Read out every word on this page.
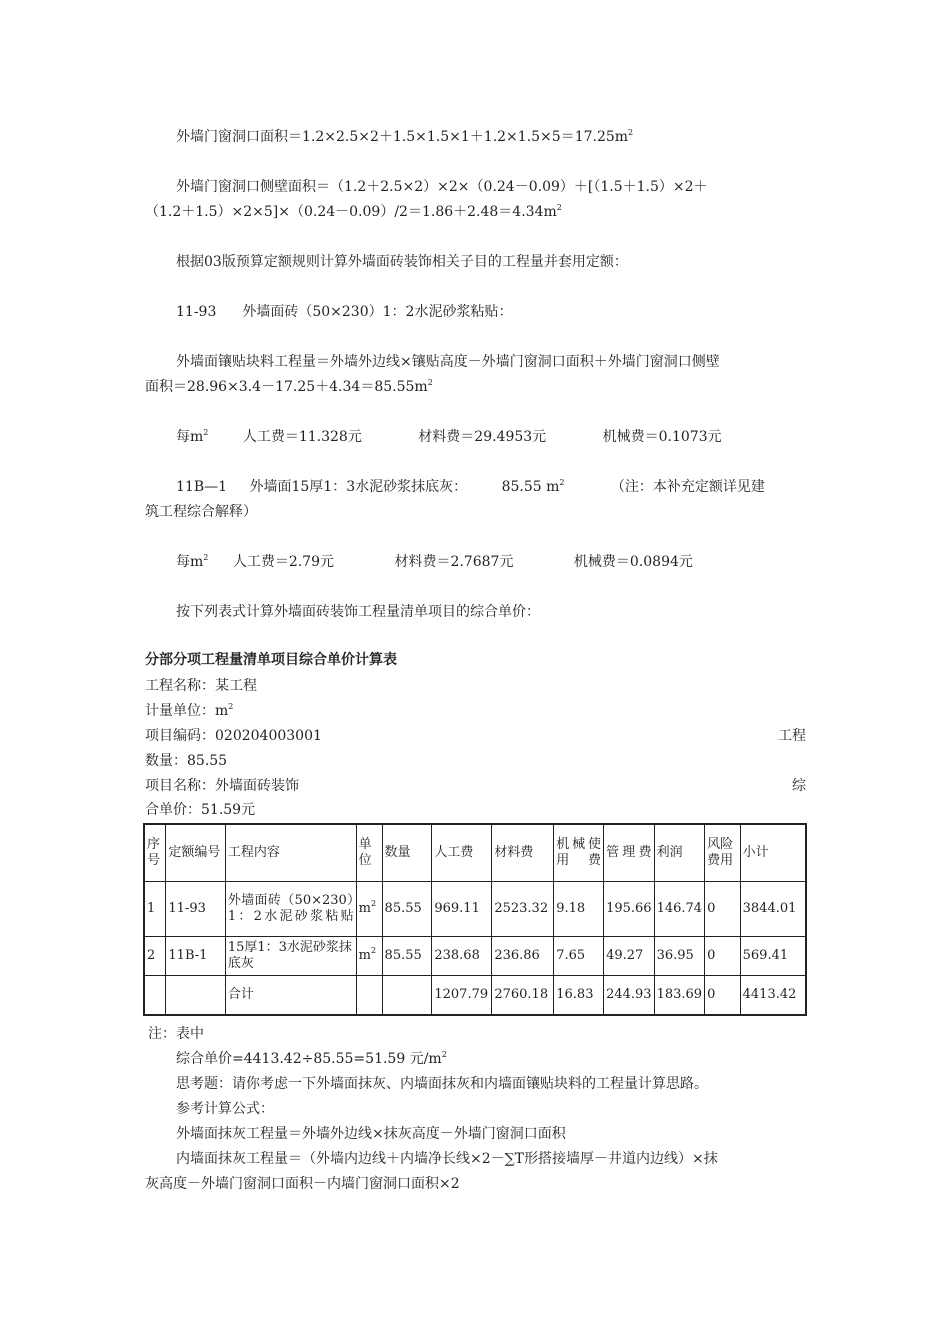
外墙门窗洞口面积$=1.2\times 2.5\times 2+1.5\times 1.5\times 1+1.2\times 1.5\times 5=17.25m^2$
外墙门窗洞口侧壁面积＝（1.2＋2.5×2）×2×（0.24－0.09）＋[（1.5＋1.5）×2＋
$(1.2+1.5)\times 2\times 5]\times(0.24-0.09)/2=1.86+2.48=4.34m^2$
根据03版预算定额规则计算外墙面砖装饰相关子目的工程量并套用定额：
11-93 外墙面砖（50×230）1：2水泥砂浆粘贴：
外墙面镶贴块料工程量＝外墙外边线×镶贴高度－外墙门窗洞口面积＋外墙门窗洞口侧壁
面积$=28.96\times 3.4-17.25+4.34=85.55m^2$
每$m^2$ 人工费＝11.328元	材料费＝29.4953元	机械费＝0.1073元
11B—1 外墙面15厚1：3水泥砂浆抹底灰： 85.55 $m^2$	（注：本补充定额详见建
筑工程综合解释）
每$m^2$ 人工费＝2.79元	材料费＝2.7687元	机械费＝0.0894元
按下列表式计算外墙面砖装饰工程量清单项目的综合单价：
分部分项工程量清单项目综合单价计算表
工程名称：某工程
计量单位：$m^2$
项目编码：020204003001	工程
数量：85.55
项目名称：外墙面砖装饰	综
合单价：51.59元
序号	定额编号	工程内容	单位	数量	人工费	材料费	机械使用费	管理费	利润	风险费用	小计
1	11-93	外墙面砖（50×230）1：2水泥砂浆粘贴	$m^2$	85.55	969.11	2523.32	9.18	195.66	146.74	0	3844.01
2	11B-1	15厚1：3水泥砂浆抹底灰	$m^2$	85.55	238.68	236.86	7.65	49.27	36.95	0	569.41
		合计			1207.79	2760.18	16.83	244.93	183.69	0	4413.42
注：表中
综合单价=4413.42÷85.55=51.59 元$/m^2$
思考题：请你考虑一下外墙面抹灰、内墙面抹灰和内墙面镶贴块料的工程量计算思路。
参考计算公式：
外墙面抹灰工程量＝外墙外边线×抹灰高度－外墙门窗洞口面积
内墙面抹灰工程量＝（外墙内边线＋内墙净长线×2－∑T形搭接墙厚－井道内边线）×抹
灰高度－外墙门窗洞口面积－内墙门窗洞口面积×2
